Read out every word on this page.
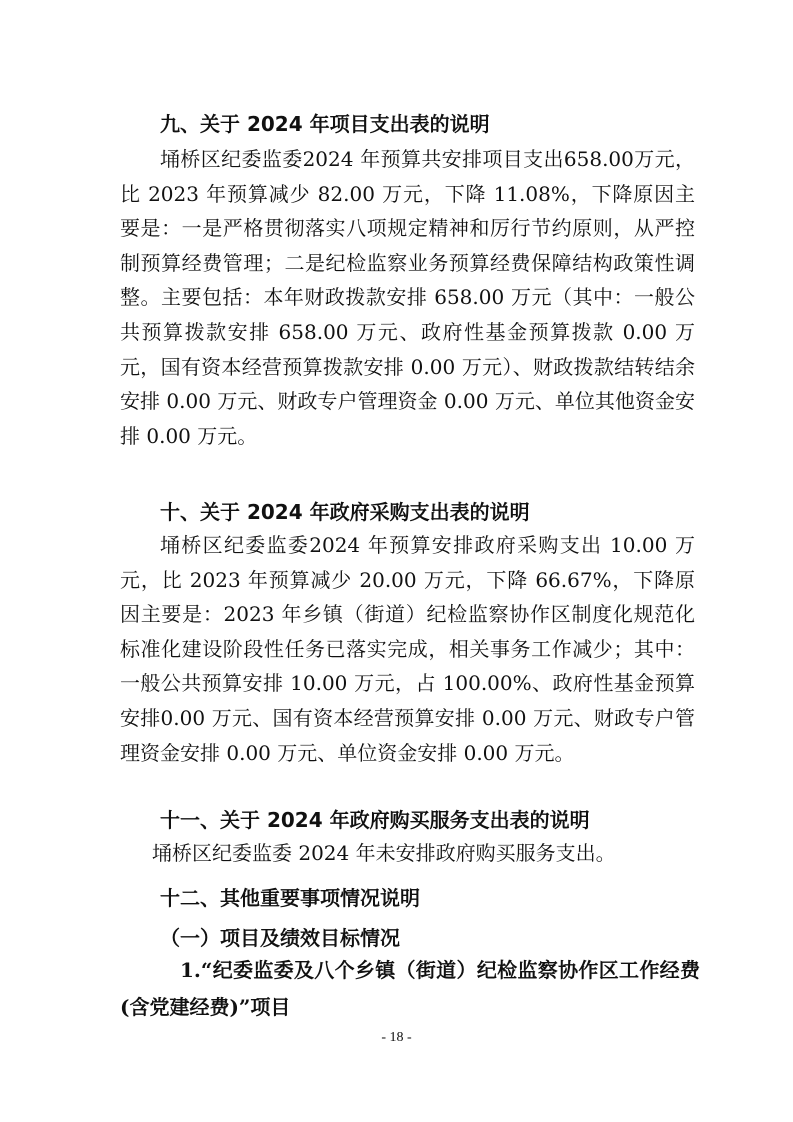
九、关于 2024 年项目支出表的说明

埇桥区纪委监委2024 年预算共安排项目支出658.00万元，比 2023 年预算减少 82.00 万元，下降 11.08%，下降原因主要是：一是严格贯彻落实八项规定精神和厉行节约原则，从严控制预算经费管理；二是纪检监察业务预算经费保障结构政策性调整。主要包括：本年财政拨款安排 658.00 万元（其中：一般公共预算拨款安排 658.00 万元、政府性基金预算拨款 0.00 万元，国有资本经营预算拨款安排 0.00 万元）、财政拨款结转结余安排 0.00 万元、财政专户管理资金 0.00 万元、单位其他资金安排 0.00 万元。

十、关于 2024 年政府采购支出表的说明

埇桥区纪委监委2024 年预算安排政府采购支出 10.00 万元，比 2023 年预算减少 20.00 万元，下降 66.67%，下降原因主要是：2023 年乡镇（街道）纪检监察协作区制度化规范化标准化建设阶段性任务已落实完成，相关事务工作减少；其中：一般公共预算安排 10.00 万元，占 100.00%、政府性基金预算安排0.00 万元、国有资本经营预算安排 0.00 万元、财政专户管理资金安排 0.00 万元、单位资金安排 0.00 万元。

十一、关于 2024 年政府购买服务支出表的说明

埇桥区纪委监委 2024 年未安排政府购买服务支出。

十二、其他重要事项情况说明
（一）项目及绩效目标情况

1.“纪委监委及八个乡镇（街道）纪检监察协作区工作经费(含党建经费)”项目

- 18 -
